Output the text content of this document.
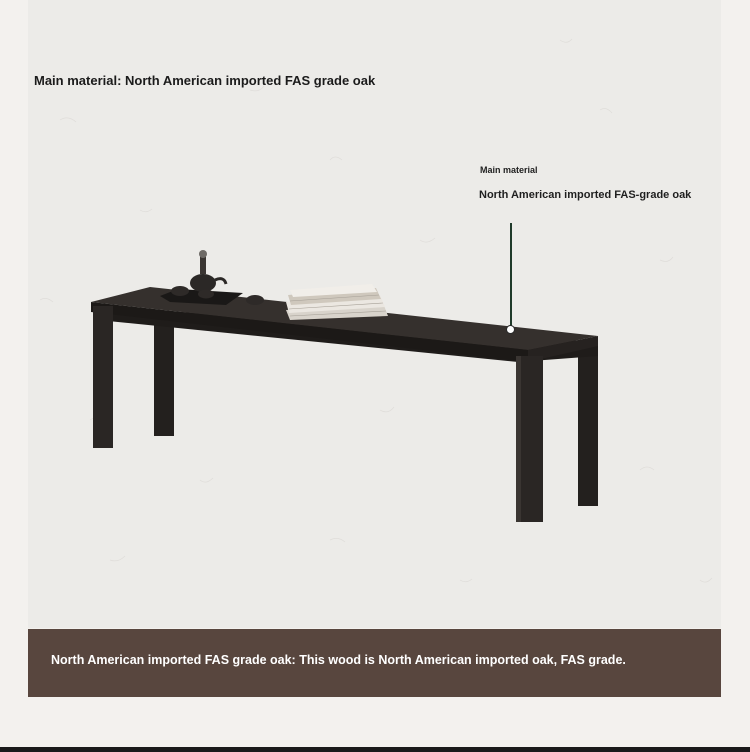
Main material: North American imported FAS grade oak
Main material
North American imported FAS-grade oak
North American imported FAS grade oak: This wood is North American imported oak, FAS grade.
